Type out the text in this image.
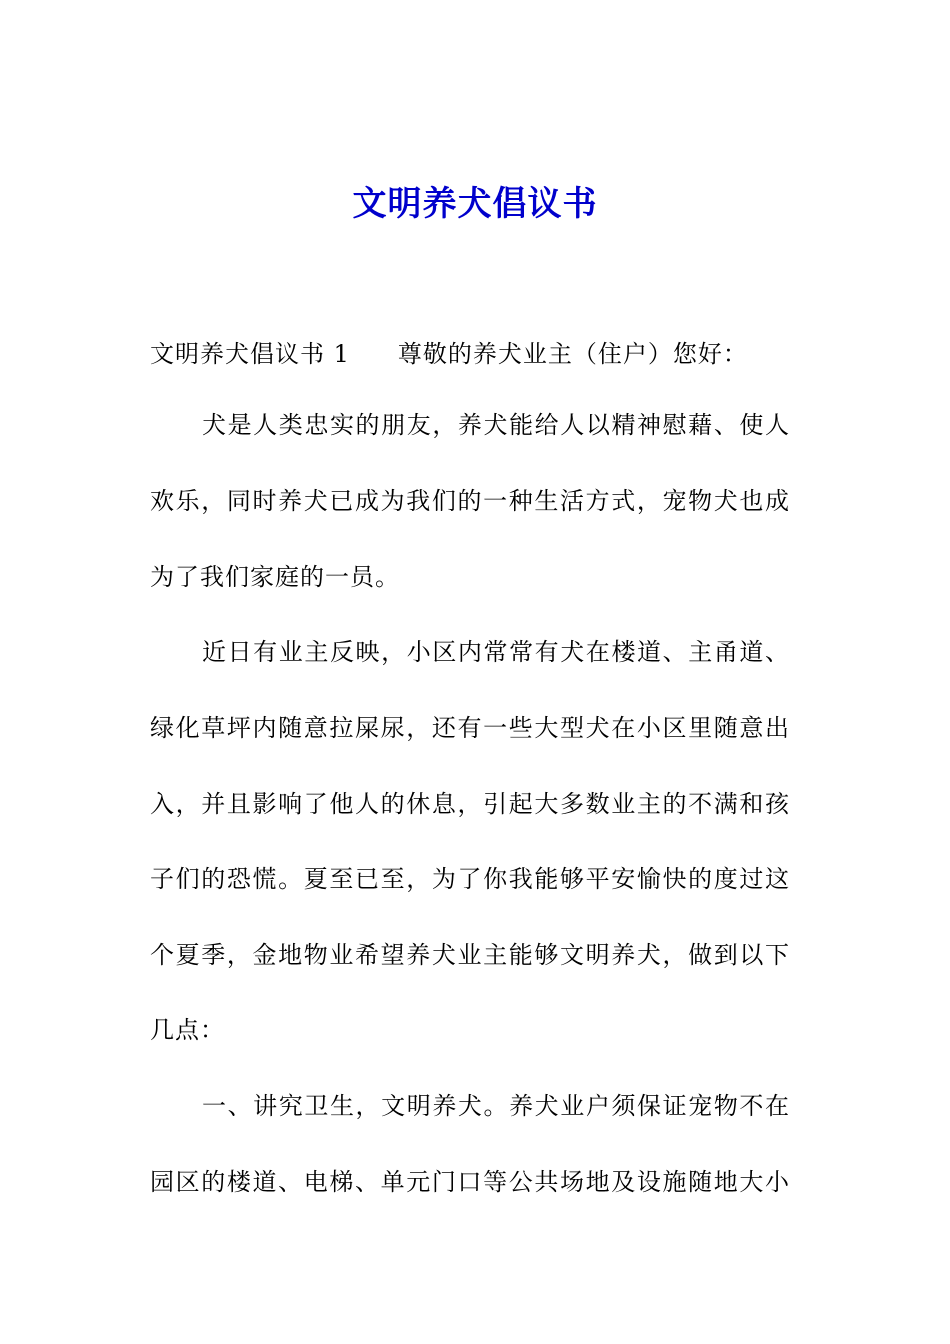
文明养犬倡议书
文明养犬倡议书 1 尊敬的养犬业主（住户）您好：
犬是人类忠实的朋友，养犬能给人以精神慰藉、使人
欢乐，同时养犬已成为我们的一种生活方式，宠物犬也成
为了我们家庭的一员。
近日有业主反映，小区内常常有犬在楼道、主甬道、
绿化草坪内随意拉屎尿，还有一些大型犬在小区里随意出
入，并且影响了他人的休息，引起大多数业主的不满和孩
子们的恐慌。夏至已至，为了你我能够平安愉快的度过这
个夏季，金地物业希望养犬业主能够文明养犬，做到以下
几点：
一、讲究卫生，文明养犬。养犬业户须保证宠物不在
园区的楼道、电梯、单元门口等公共场地及设施随地大小
